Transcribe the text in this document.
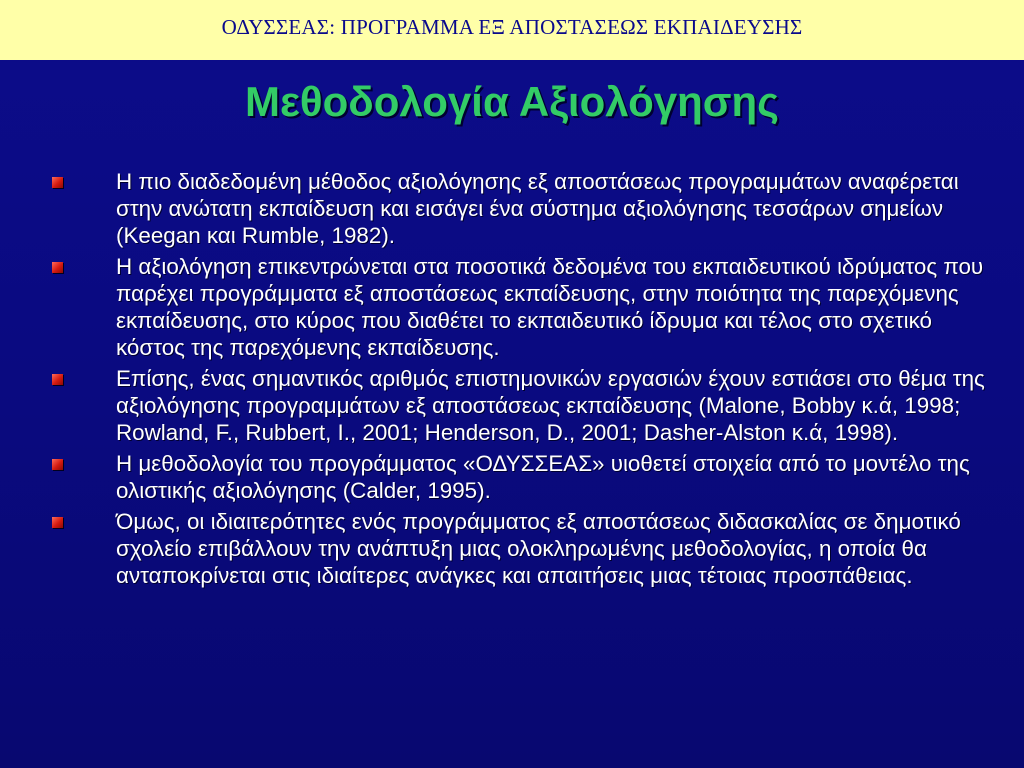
ΟΔΥΣΣΕΑΣ: ΠΡΟΓΡΑΜΜΑ ΕΞ ΑΠΟΣΤΑΣΕΩΣ ΕΚΠΑΙΔΕΥΣΗΣ
Μεθοδολογία Αξιολόγησης
Η πιο διαδεδομένη μέθοδος αξιολόγησης εξ αποστάσεως προγραμμάτων αναφέρεται στην ανώτατη εκπαίδευση και εισάγει ένα σύστημα αξιολόγησης τεσσάρων σημείων (Keegan και Rumble, 1982).
Η αξιολόγηση επικεντρώνεται στα ποσοτικά δεδομένα του εκπαιδευτικού ιδρύματος που παρέχει προγράμματα εξ αποστάσεως εκπαίδευσης, στην ποιότητα της παρεχόμενης εκπαίδευσης, στο κύρος που διαθέτει το εκπαιδευτικό ίδρυμα και τέλος στο σχετικό κόστος της παρεχόμενης εκπαίδευσης.
Επίσης, ένας σημαντικός αριθμός επιστημονικών εργασιών έχουν εστιάσει στο θέμα της αξιολόγησης προγραμμάτων εξ αποστάσεως εκπαίδευσης (Malone, Bobby κ.ά, 1998; Rowland, F., Rubbert, I., 2001; Henderson, D., 2001; Dasher-Alston κ.ά, 1998).
Η μεθοδολογία του προγράμματος «ΟΔΥΣΣΕΑΣ» υιοθετεί στοιχεία από το μοντέλο της ολιστικής αξιολόγησης (Calder, 1995).
Όμως, οι ιδιαιτερότητες ενός προγράμματος εξ αποστάσεως διδασκαλίας σε δημοτικό σχολείο επιβάλλουν την ανάπτυξη μιας ολοκληρωμένης μεθοδολογίας, η οποία θα ανταποκρίνεται στις ιδιαίτερες ανάγκες και απαιτήσεις μιας τέτοιας προσπάθειας.
